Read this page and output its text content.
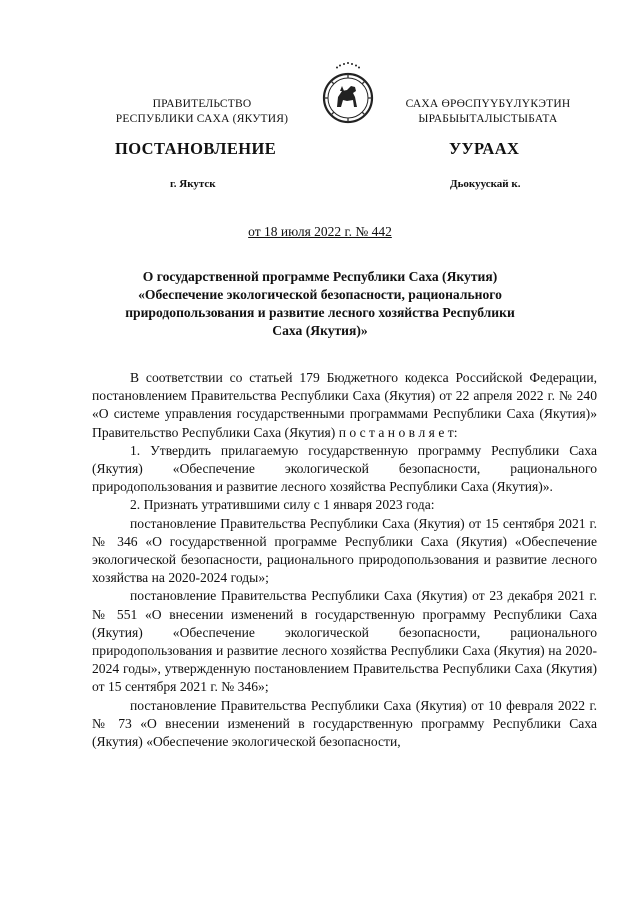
ПРАВИТЕЛЬСТВО
РЕСПУБЛИКИ САХА (ЯКУТИЯ)
САХА ӨРӨСПҮҮБҮЛҮКЭТИН
ЫРАБЫЫТАЛЫСТЫБАТА
ПОСТАНОВЛЕНИЕ	УУРААХ
г. Якутск	Дьокуускай к.
от 18 июля 2022 г. № 442
О государственной программе Республики Саха (Якутия)
«Обеспечение экологической безопасности, рационального
природопользования и развитие лесного хозяйства Республики
Саха (Якутия)»

В соответствии со статьей 179 Бюджетного кодекса Российской Федерации, постановлением Правительства Республики Саха (Якутия) от 22 апреля 2022 г. № 240 «О системе управления государственными программами Республики Саха (Якутия)» Правительство Республики Саха (Якутия) п о с т а н о в л я е т:

1. Утвердить прилагаемую государственную программу Республики Саха (Якутия) «Обеспечение экологической безопасности, рационального природопользования и развитие лесного хозяйства Республики Саха (Якутия)».

2. Признать утратившими силу с 1 января 2023 года:

постановление Правительства Республики Саха (Якутия) от 15 сентября 2021 г. № 346 «О государственной программе Республики Саха (Якутия) «Обеспечение экологической безопасности, рационального природопользования и развитие лесного хозяйства на 2020-2024 годы»;

постановление Правительства Республики Саха (Якутия) от 23 декабря 2021 г. № 551 «О внесении изменений в государственную программу Республики Саха (Якутия) «Обеспечение экологической безопасности, рационального природопользования и развитие лесного хозяйства Республики Саха (Якутия) на 2020-2024 годы», утвержденную постановлением Правительства Республики Саха (Якутия) от 15 сентября 2021 г. № 346»;

постановление Правительства Республики Саха (Якутия) от 10 февраля 2022 г. № 73 «О внесении изменений в государственную программу Республики Саха (Якутия) «Обеспечение экологической безопасности,
